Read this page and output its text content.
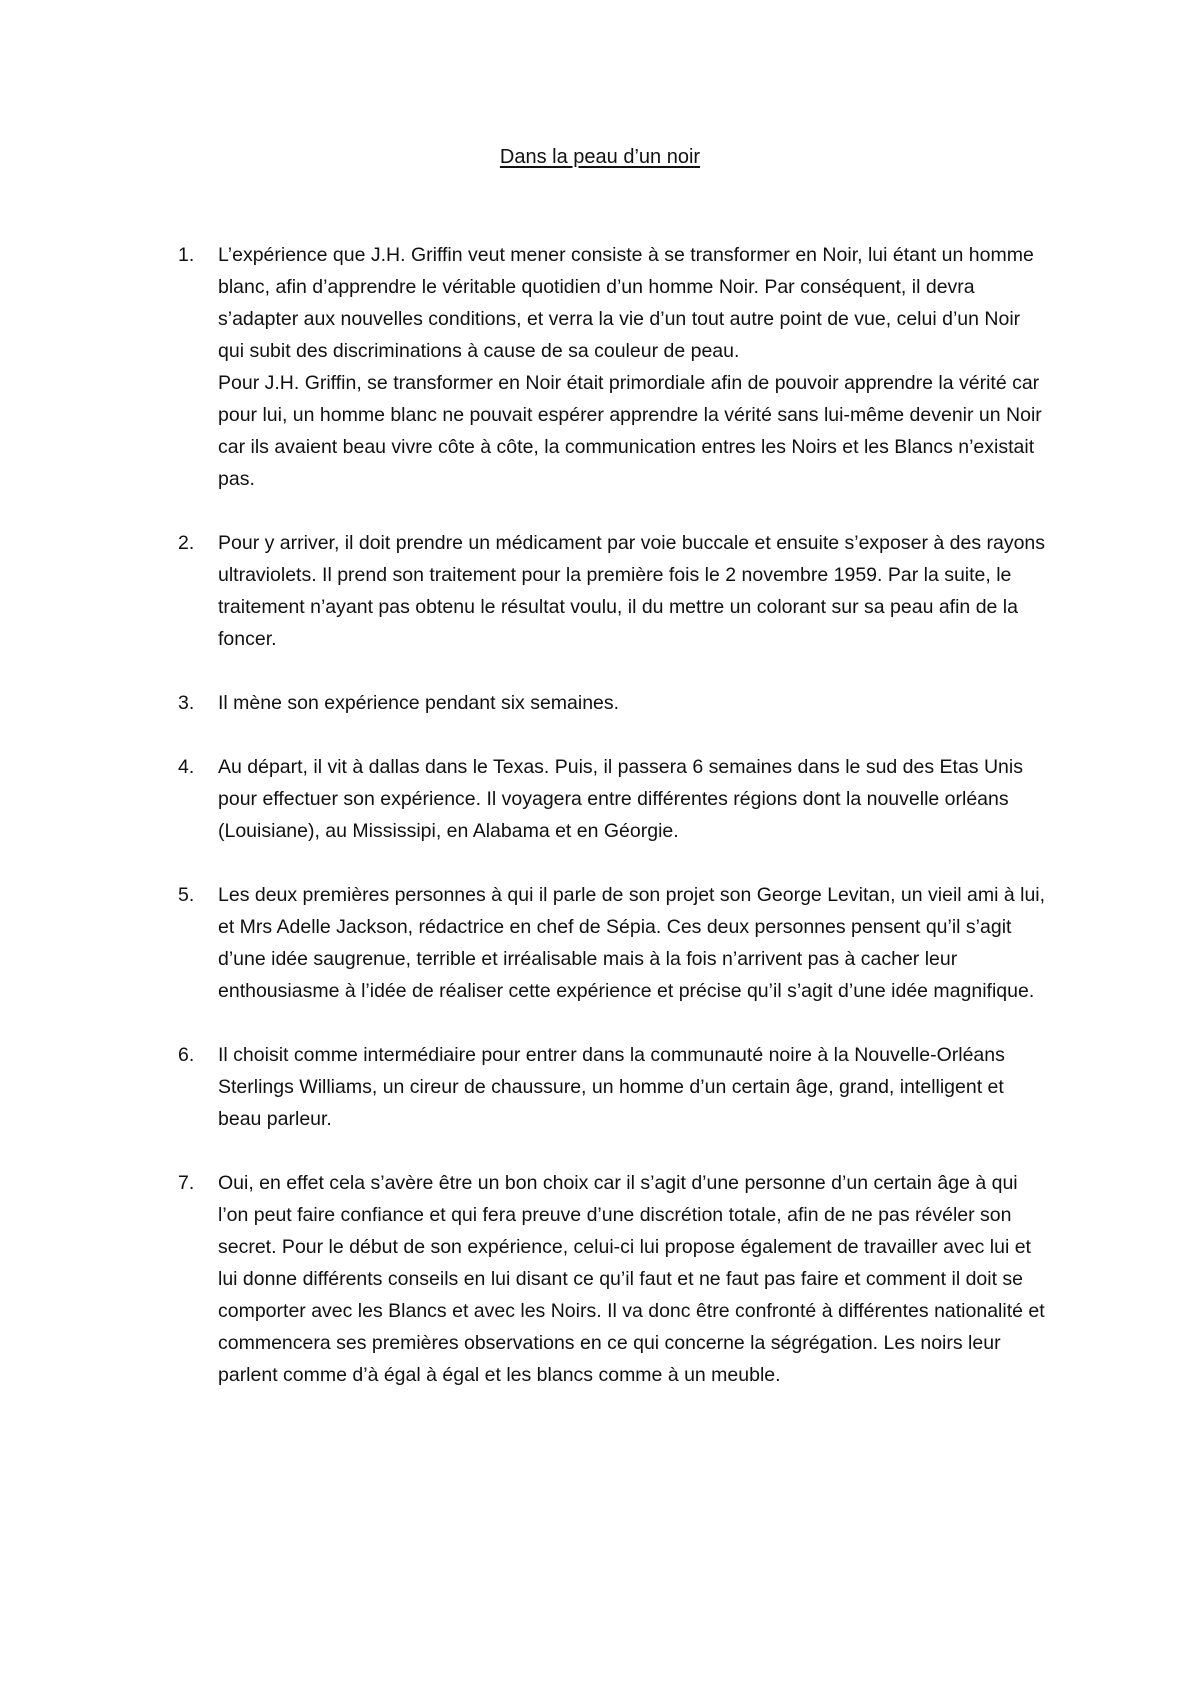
Dans la peau d’un noir
1.	L’expérience que J.H. Griffin veut mener consiste à se transformer en Noir, lui étant un homme blanc, afin d’apprendre le véritable quotidien d’un homme Noir. Par conséquent, il devra s’adapter aux nouvelles conditions, et verra la vie d’un tout autre point de vue, celui d’un Noir qui subit des discriminations à cause de sa couleur de peau.

Pour J.H. Griffin, se transformer en Noir était primordiale afin de pouvoir apprendre la vérité car pour lui, un homme blanc ne pouvait espérer apprendre la vérité sans lui-même devenir un Noir car ils avaient beau vivre côte à côte, la communication entres les Noirs et les Blancs n’existait pas.

2.	Pour y arriver, il doit prendre un médicament par voie buccale et ensuite s’exposer à des rayons ultraviolets. Il prend son traitement pour la première fois le 2 novembre 1959. Par la suite, le traitement n’ayant pas obtenu le résultat voulu, il du mettre un colorant sur sa peau afin de la foncer.

3.	Il mène son expérience pendant six semaines.

4.	Au départ, il vit à dallas dans le Texas. Puis, il passera 6 semaines dans le sud des Etas Unis pour effectuer son expérience. Il voyagera entre différentes régions dont la nouvelle orléans (Louisiane), au Mississipi, en Alabama et en Géorgie.

5.	Les deux premières personnes à qui il parle de son projet son George Levitan, un vieil ami à lui, et Mrs Adelle Jackson, rédactrice en chef de Sépia. Ces deux personnes pensent qu’il s’agit d’une idée saugrenue, terrible et irréalisable mais à la fois n’arrivent pas à cacher leur enthousiasme à l’idée de réaliser cette expérience et précise qu’il s’agit d’une idée magnifique.

6.	Il choisit comme intermédiaire pour entrer dans la communauté noire à la Nouvelle-Orléans Sterlings Williams, un cireur de chaussure, un homme d’un certain âge, grand, intelligent et beau parleur.

7.	Oui, en effet cela s’avère être un bon choix car il s’agit d’une personne d’un certain âge à qui l’on peut faire confiance et qui fera preuve d’une discrétion totale, afin de ne pas révéler son secret. Pour le début de son expérience, celui-ci lui propose également de travailler avec lui et lui donne différents conseils en lui disant ce qu’il faut et ne faut pas faire et comment il doit se comporter avec les Blancs et avec les Noirs. Il va donc être confronté à différentes nationalité et commencera ses premières observations en ce qui concerne la ségrégation. Les noirs leur parlent comme d’à égal à égal et les blancs comme à un meuble.
